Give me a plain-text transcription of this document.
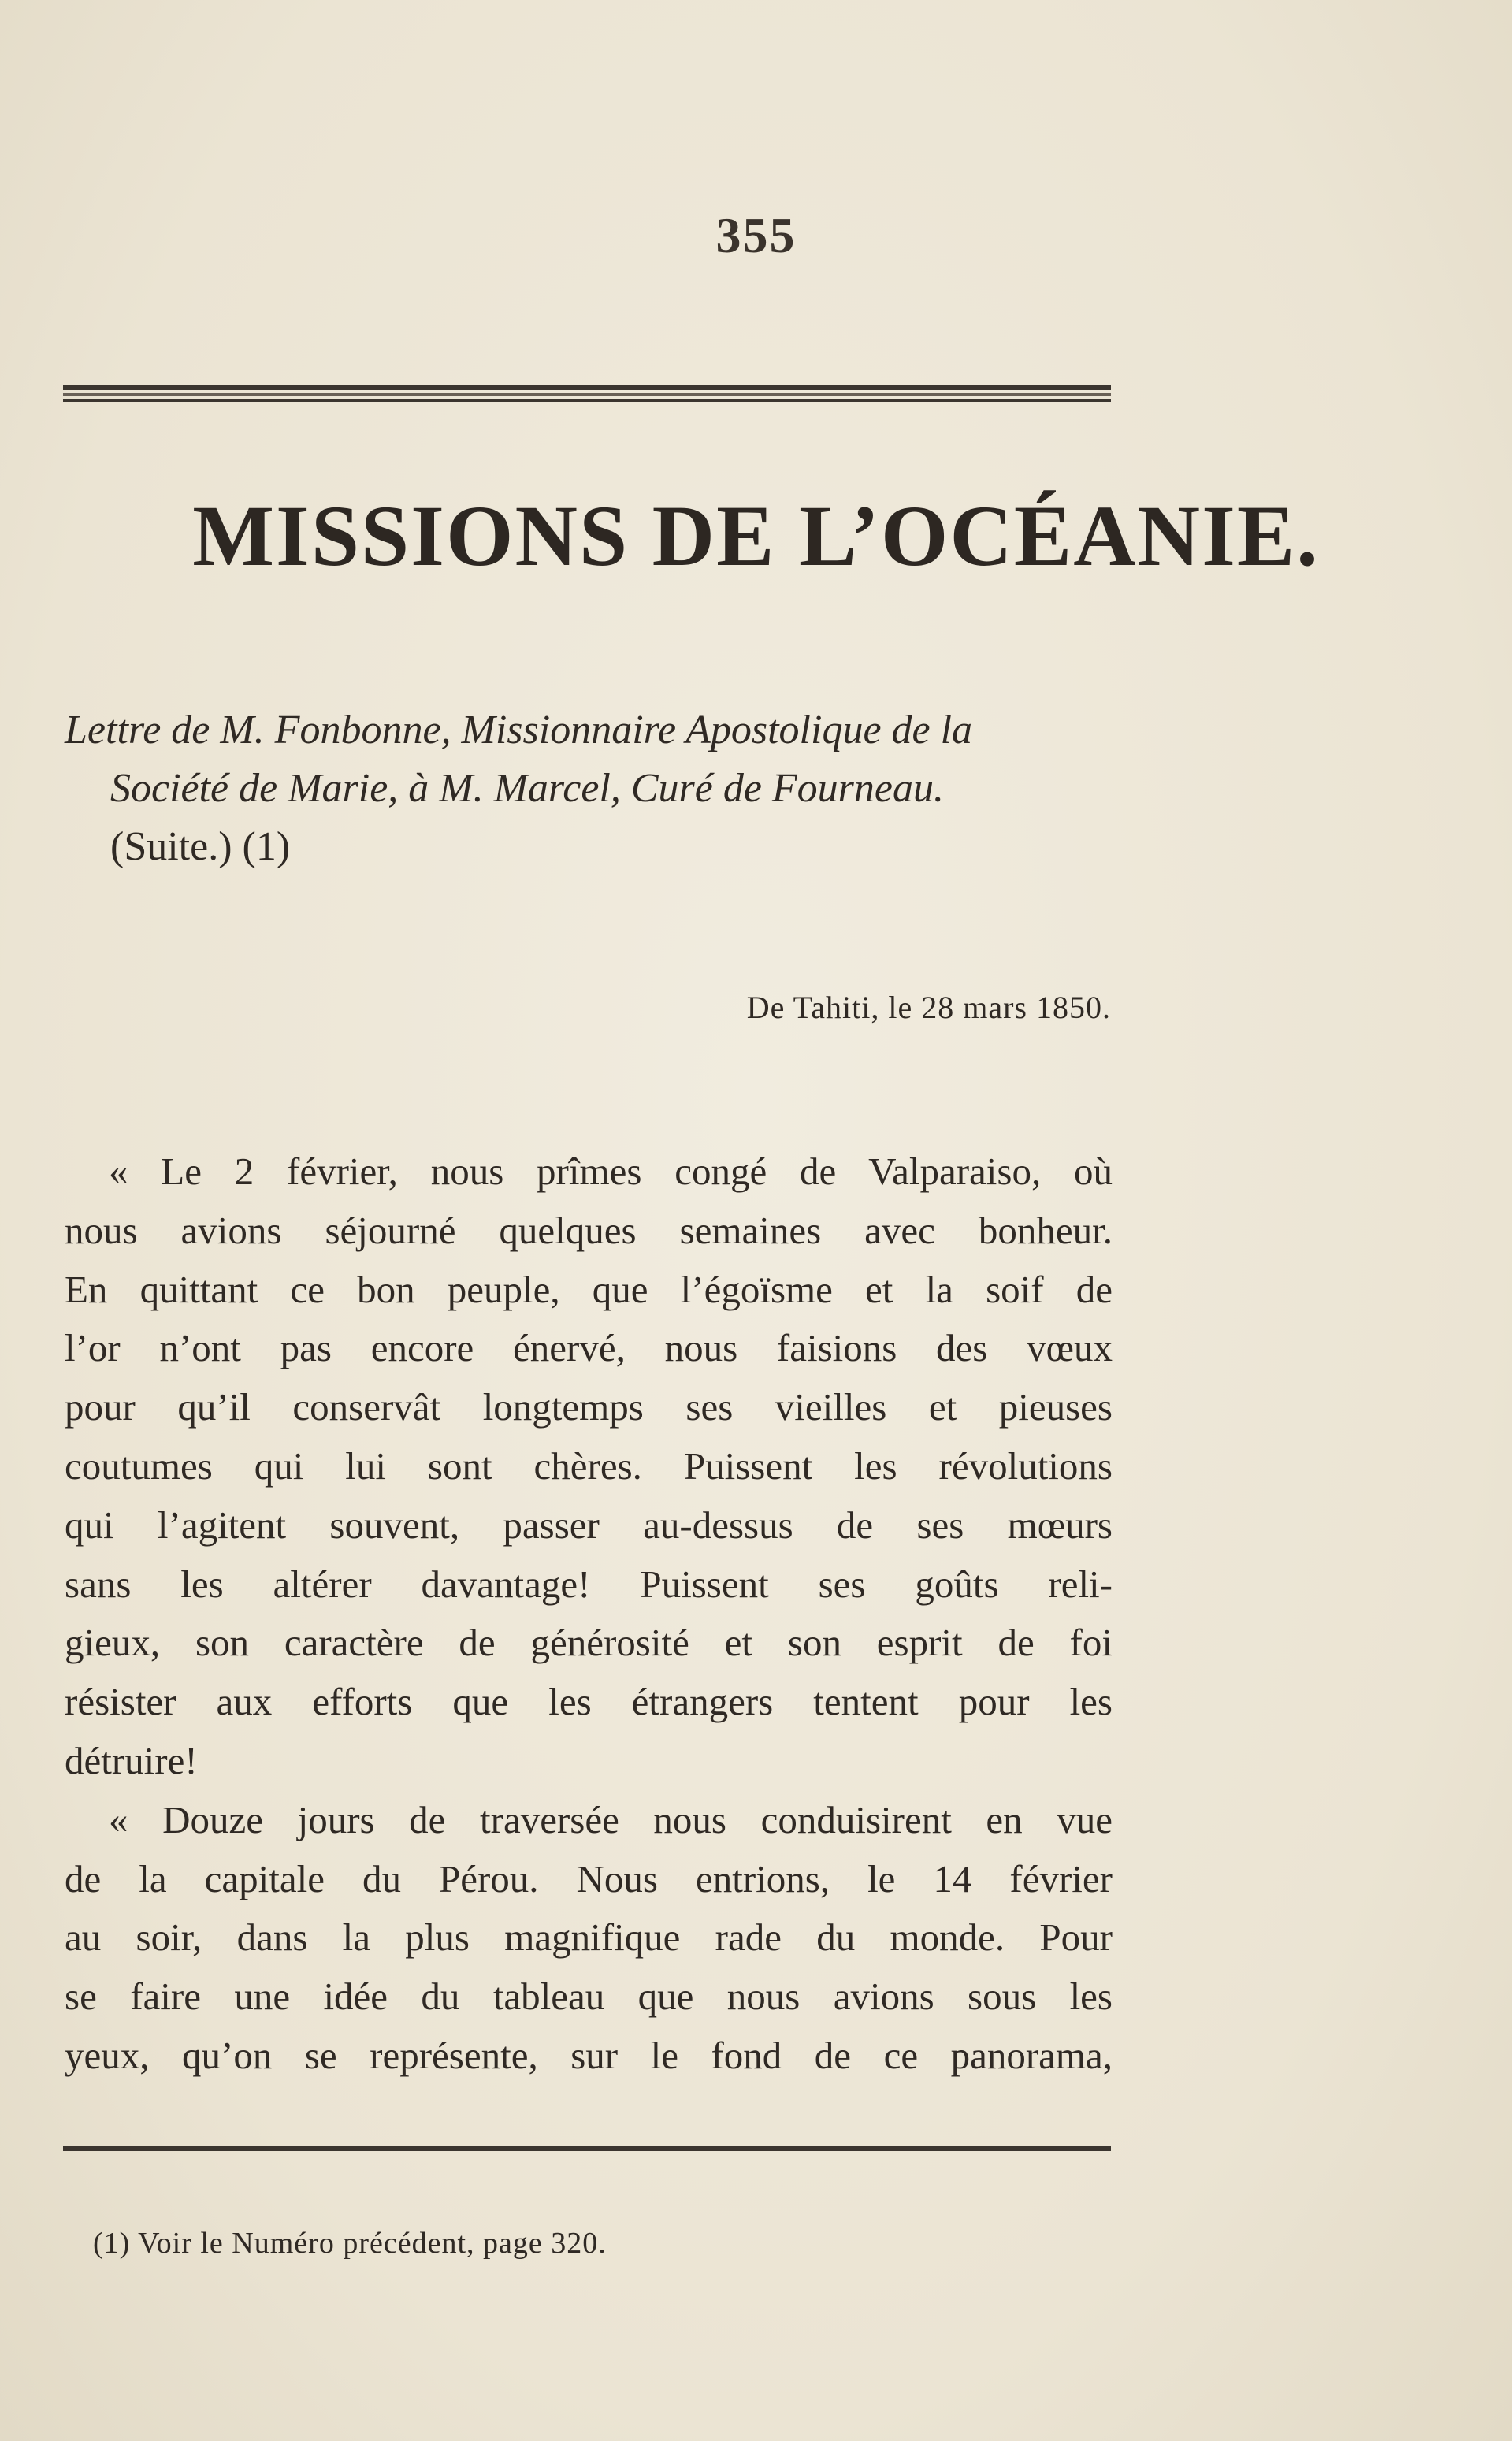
355
MISSIONS DE L’OCÉANIE.
Lettre de M. Fonbonne, Missionnaire Apostolique de la
Société de Marie, à M. Marcel, Curé de Fourneau.
(Suite.) (1)
De Tahiti, le 28 mars 1850.

« Le 2 février, nous prîmes congé de Valparaiso, où

nous avions séjourné quelques semaines avec bonheur.

En quittant ce bon peuple, que l’égoïsme et la soif de

l’or n’ont pas encore énervé, nous faisions des vœux

pour qu’il conservât longtemps ses vieilles et pieuses

coutumes qui lui sont chères. Puissent les révolutions

qui l’agitent souvent, passer au-dessus de ses mœurs

sans les altérer davantage! Puissent ses goûts reli-

gieux, son caractère de générosité et son esprit de foi

résister aux efforts que les étrangers tentent pour les

détruire!

« Douze jours de traversée nous conduisirent en vue

de la capitale du Pérou. Nous entrions, le 14 février

au soir, dans la plus magnifique rade du monde. Pour

se faire une idée du tableau que nous avions sous les

yeux, qu’on se représente, sur le fond de ce panorama,

(1) Voir le Numéro précédent, page 320.
